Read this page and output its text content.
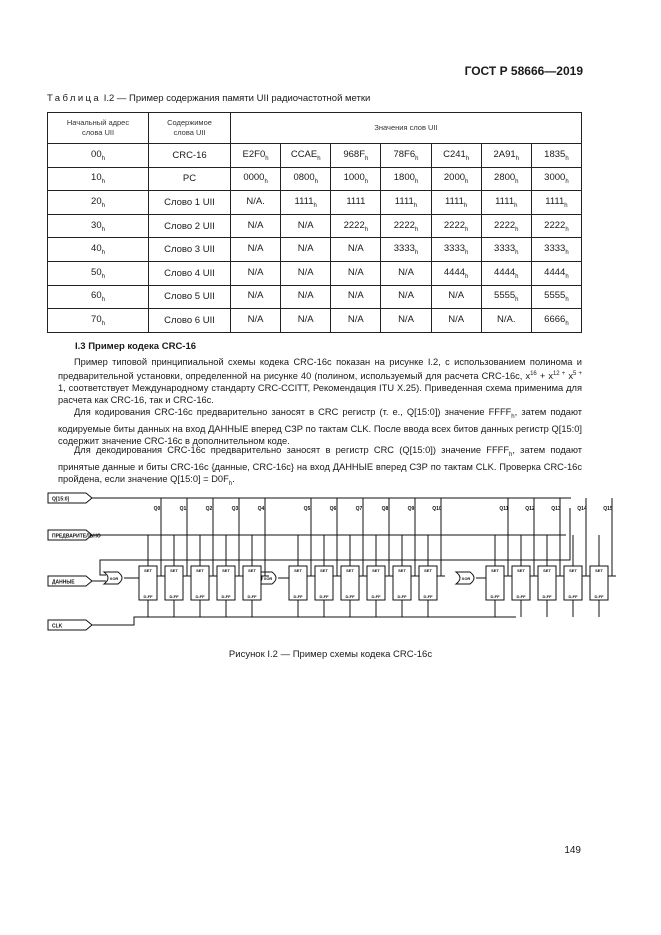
ГОСТ Р 58666—2019
Таблица I.2 — Пример содержания памяти UII радиочастотной метки
Начальный адрес слова UII	Содержимое слова UII	Значения слов UII						
$00_h$	CRC-16	$E2F0_h$	$CCAE_h$	$968F_h$	$78F6_h$	$C241_h$	$2A91_h$	$1835_h$
$10_h$	PC	$0000_h$	$0800_h$	$1000_h$	$1800_h$	$2000_h$	$2800_h$	$3000_h$
$20_h$	Слово 1 UII	N/A.	$1111_h$	1111	$1111_h$	$1111_h$	$1111_h$	$1111_h$
$30_h$	Слово 2 UII	N/A	N/A	$2222_h$	$2222_h$	$2222_h$	$2222_h$	$2222_h$
$40_h$	Слово 3 UII	N/A	N/A	N/A	$3333_h$	$3333_h$	$3333_h$	$3333_h$
$50_h$	Слово 4 UII	N/A	N/A	N/A	N/A	$4444_h$	$4444_h$	$4444_h$
$60_h$	Слово 5 UII	N/A	N/A	N/A	N/A	N/A	$5555_h$	$5555_h$
$70_h$	Слово 6 UII	N/A	N/A	N/A	N/A	N/A	N/A.	$6666_h$
I.3 Пример кодека CRC-16

Пример типовой принципиальной схемы кодека CRC-16c показан на рисунке I.2, с использованием полинома и предварительной установки, определенной на рисунке 40 (полином, используемый для расчета CRC-16c, $x^{16} + x^{12 +}$ $x^{5 +}$ 1, соответствует Международному стандарту CRC-CCITT, Рекомендация ITU X.25). Приведенная схема применима для расчета как CRC-16, так и CRC-16c.

Для кодирования CRC-16c предварительно заносят в CRC регистр (т. е., Q[15:0]) значение $FFFF_h$, затем подают кодируемые биты данных на вход ДАННЫЕ вперед СЗР по тактам CLK. После ввода всех битов данных регистр Q[15:0] содержит значение CRC-16c в дополнительном коде.

Для декодирования CRC-16c предварительно заносят в регистр CRC (Q[15:0]) значение $FFFF_h$, затем подают принятые данные и биты CRC-16c {данные, CRC-16c} на вход ДАННЫЕ вперед СЗР по тактам CLK. Проверка CRC-16c пройдена, если значение Q[15:0] = $D0F_h$.

Q[15:0]
ПРЕДВАРИТЕЛЬНО
ДАННЫЕ
CLK
XOR	XOR	XOR
SET
D-FF
Q0
SET
D-FF
Q1
SET
D-FF
Q2
SET
D-FF
Q3
SET
D-FF
Q4
SET
D-FF
Q5
SET
D-FF
Q6
SET
D-FF
Q7
SET
D-FF
Q8
SET
D-FF
Q9
SET
D-FF
Q10
SET
D-FF
Q11
SET
D-FF
Q12
SET
D-FF
Q13
SET
D-FF
Q14
SET
D-FF
Q15
Рисунок I.2 — Пример схемы кодека CRC-16c
149
